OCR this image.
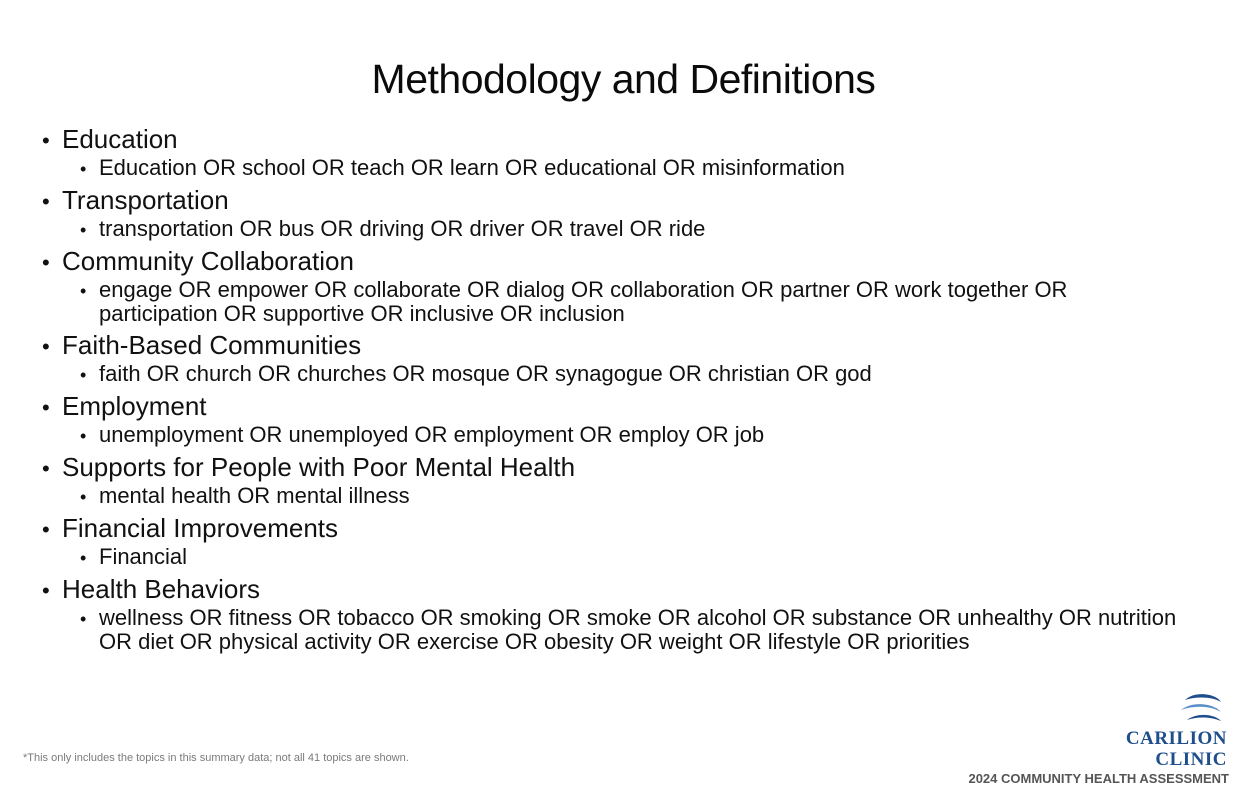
Methodology and Definitions
• Education
• Education OR school OR teach OR learn OR educational OR misinformation
• Transportation
• transportation OR bus OR driving OR driver OR travel OR ride
• Community Collaboration
• engage OR empower OR collaborate OR dialog OR collaboration OR partner OR work together OR participation OR supportive OR inclusive OR inclusion
• Faith-Based Communities
• faith OR church OR churches OR mosque OR synagogue OR christian OR god
• Employment
• unemployment OR unemployed OR employment OR employ OR job
• Supports for People with Poor Mental Health
• mental health OR mental illness
• Financial Improvements
• Financial
• Health Behaviors
• wellness OR fitness OR tobacco OR smoking OR smoke OR alcohol OR substance OR unhealthy OR nutrition OR diet OR physical activity OR exercise OR obesity OR weight OR lifestyle OR priorities
*This only includes the topics in this summary data; not all 41 topics are shown.
CARILION
CLINIC
2024 COMMUNITY HEALTH ASSESSMENT
